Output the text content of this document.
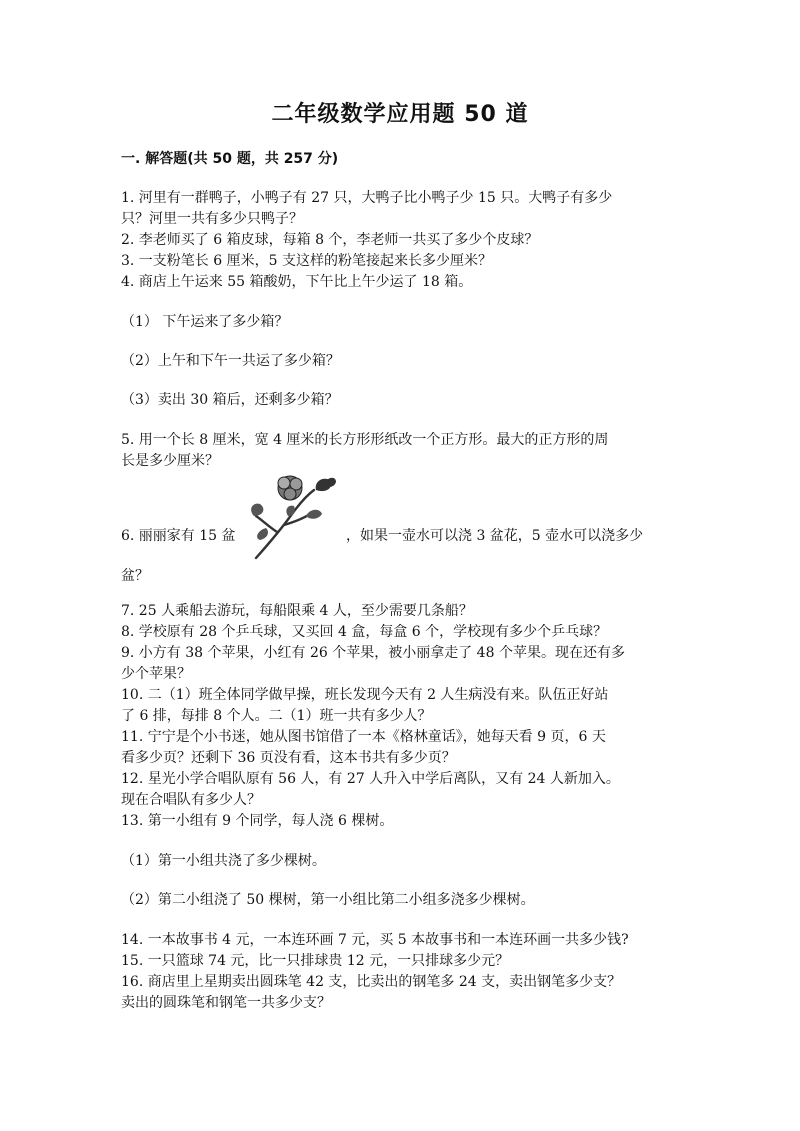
二年级数学应用题 50 道
一. 解答题(共 50 题，共 257 分)
1. 河里有一群鸭子，小鸭子有 27 只，大鸭子比小鸭子少 15 只。大鸭子有多少
只？河里一共有多少只鸭子？
2. 李老师买了 6 箱皮球，每箱 8 个，李老师一共买了多少个皮球？
3. 一支粉笔长 6 厘米，5 支这样的粉笔接起来长多少厘米？
4. 商店上午运来 55 箱酸奶，下午比上午少运了 18 箱。
（1） 下午运来了多少箱？
（2）上午和下午一共运了多少箱？
（3）卖出 30 箱后，还剩多少箱？
5. 用一个长 8 厘米，宽 4 厘米的长方形形纸改一个正方形。最大的正方形的周
长是多少厘米？
6. 丽丽家有 15 盆	，如果一壶水可以浇 3 盆花，5 壶水可以浇多少
盆？
7. 25 人乘船去游玩，每船限乘 4 人，至少需要几条船？
8. 学校原有 28 个乒乓球，又买回 4 盒，每盒 6 个，学校现有多少个乒乓球？
9. 小方有 38 个苹果，小红有 26 个苹果，被小丽拿走了 48 个苹果。现在还有多
少个苹果？
10. 二（1）班全体同学做早操，班长发现今天有 2 人生病没有来。队伍正好站
了 6 排，每排 8 个人。二（1）班一共有多少人？
11. 宁宁是个小书迷，她从图书馆借了一本《格林童话》，她每天看 9 页，6 天
看多少页？还剩下 36 页没有看，这本书共有多少页？
12. 星光小学合唱队原有 56 人，有 27 人升入中学后离队，又有 24 人新加入。
现在合唱队有多少人？
13. 第一小组有 9 个同学，每人浇 6 棵树。
（1）第一小组共浇了多少棵树。
（2）第二小组浇了 50 棵树，第一小组比第二小组多浇多少棵树。
14. 一本故事书 4 元，一本连环画 7 元，买 5 本故事书和一本连环画一共多少钱?
15. 一只篮球 74 元，比一只排球贵 12 元，一只排球多少元？
16. 商店里上星期卖出圆珠笔 42 支，比卖出的钢笔多 24 支，卖出钢笔多少支？
卖出的圆珠笔和钢笔一共多少支？
